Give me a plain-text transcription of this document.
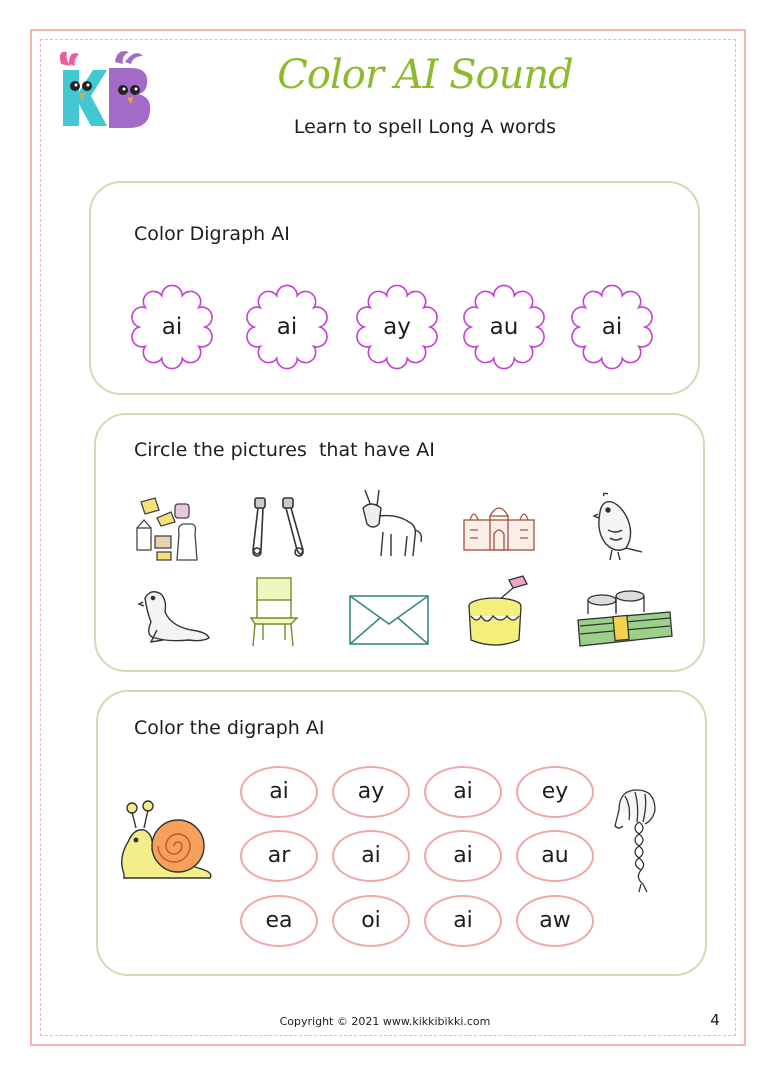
Color AI Sound
Learn to spell Long A words
Color Digraph AI
ai	ai	ay	au	ai
Circle the pictures  that have AI
Color the digraph AI
ai	ay	ai	ey
ar	ai	ai	au
ea	oi	ai	aw
Copyright © 2021 www.kikkibikki.com	4
